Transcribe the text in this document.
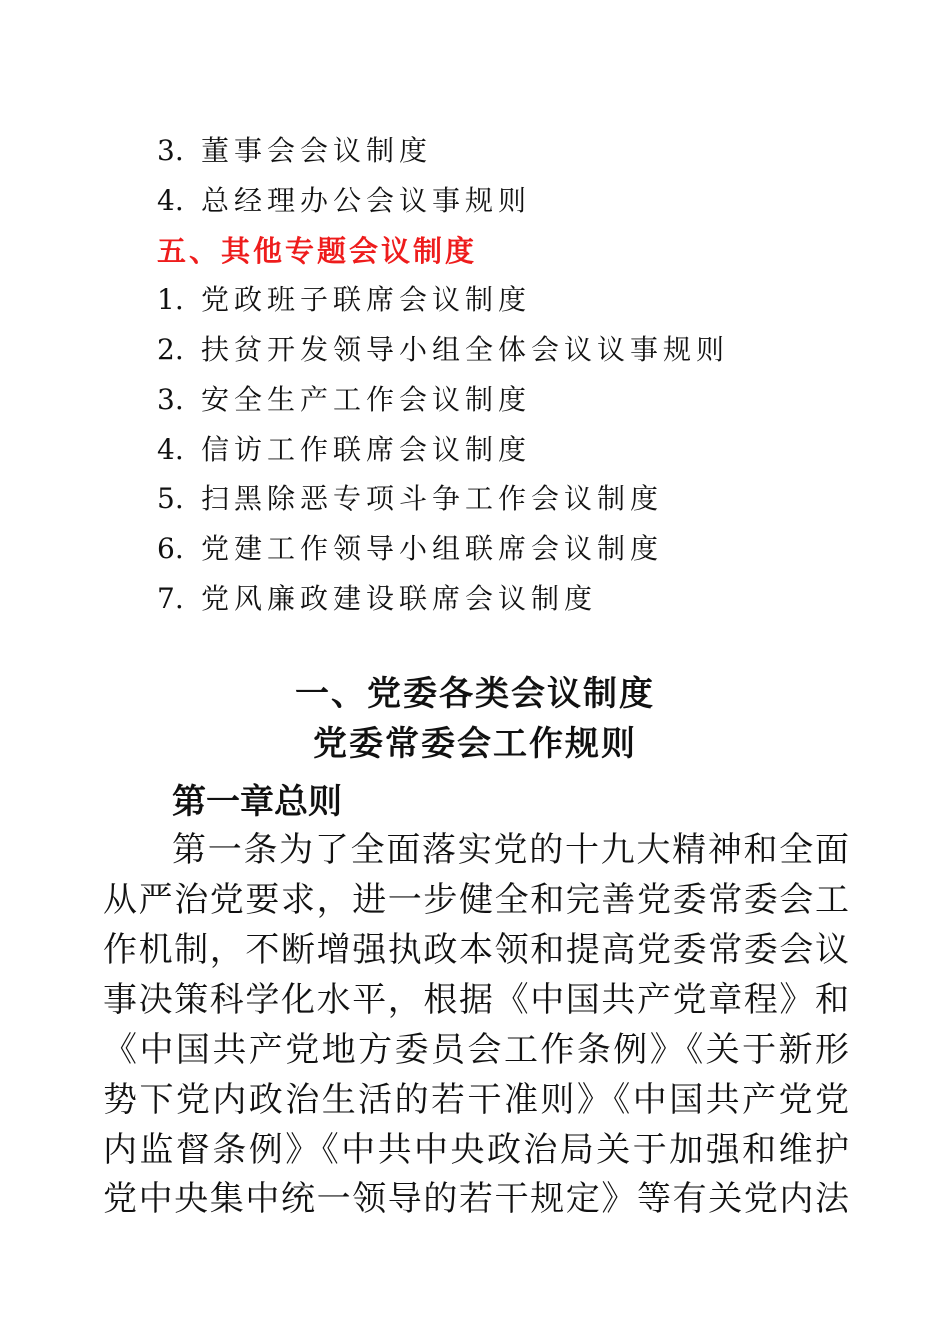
3. 董事会会议制度
4. 总经理办公会议事规则
五、其他专题会议制度
1. 党政班子联席会议制度
2. 扶贫开发领导小组全体会议议事规则
3. 安全生产工作会议制度
4. 信访工作联席会议制度
5. 扫黑除恶专项斗争工作会议制度
6. 党建工作领导小组联席会议制度
7. 党风廉政建设联席会议制度
一、党委各类会议制度
党委常委会工作规则
第一章总则
第一条为了全面落实党的十九大精神和全面
从严治党要求，进一步健全和完善党委常委会工
作机制，不断增强执政本领和提高党委常委会议
事决策科学化水平，根据《中国共产党章程》和
《中国共产党地方委员会工作条例》《关于新形
势下党内政治生活的若干准则》《中国共产党党
内监督条例》《中共中央政治局关于加强和维护
党中央集中统一领导的若干规定》等有关党内法
